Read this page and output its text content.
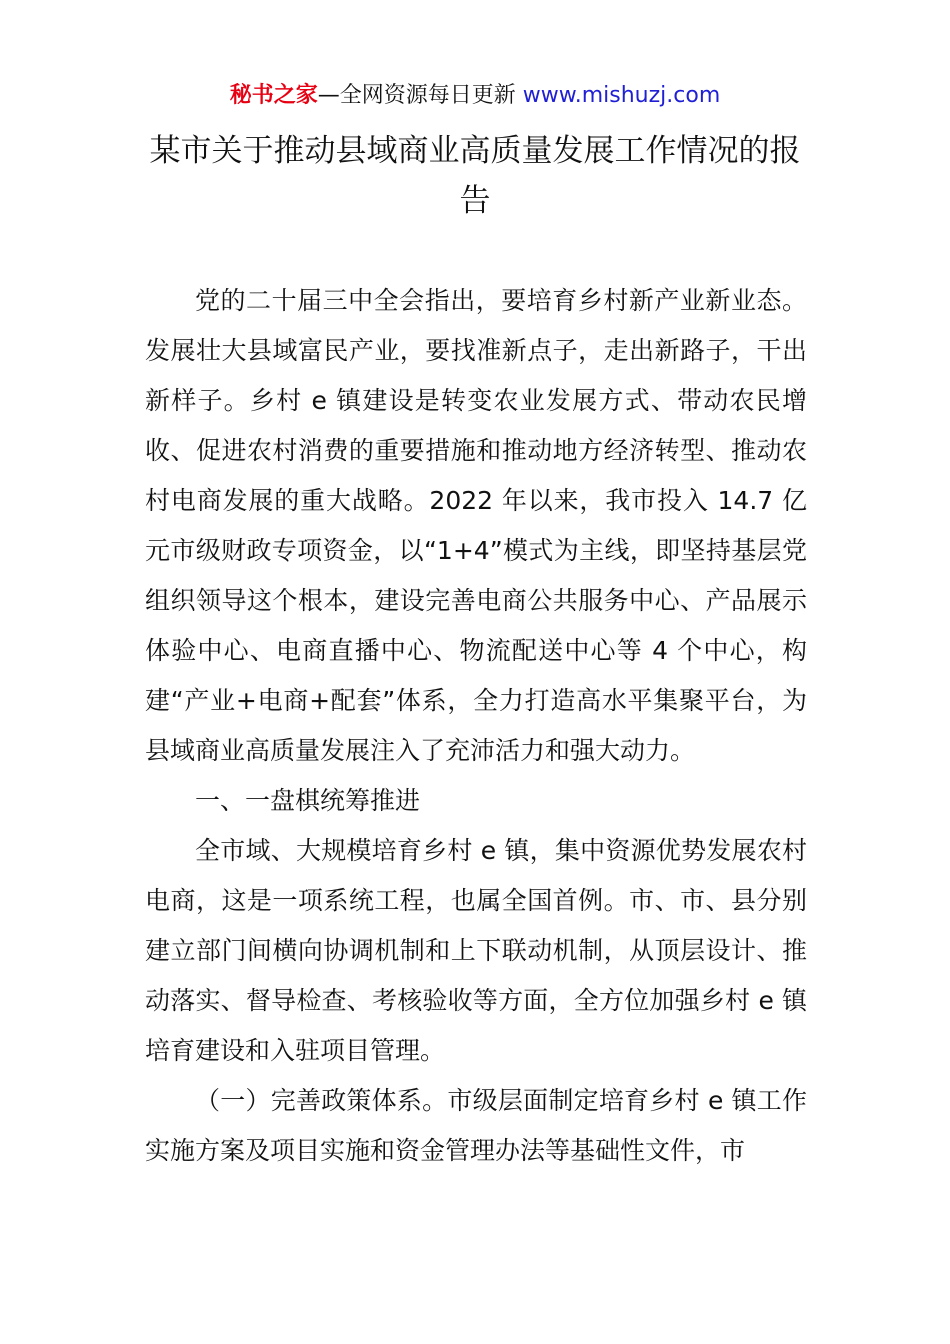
秘书之家—全网资源每日更新 www.mishuzj.com
某市关于推动县域商业高质量发展工作情况的报告

党的二十届三中全会指出，要培育乡村新产业新业态。发展壮大县域富民产业，要找准新点子，走出新路子，干出新样子。乡村 e 镇建设是转变农业发展方式、带动农民增收、促进农村消费的重要措施和推动地方经济转型、推动农村电商发展的重大战略。2022 年以来，我市投入 14.7 亿元市级财政专项资金，以“1+4”模式为主线，即坚持基层党组织领导这个根本，建设完善电商公共服务中心、产品展示体验中心、电商直播中心、物流配送中心等 4 个中心，构建“产业+电商+配套”体系，全力打造高水平集聚平台，为县域商业高质量发展注入了充沛活力和强大动力。

一、一盘棋统筹推进

全市域、大规模培育乡村 e 镇，集中资源优势发展农村电商，这是一项系统工程，也属全国首例。市、市、县分别建立部门间横向协调机制和上下联动机制，从顶层设计、推动落实、督导检查、考核验收等方面，全方位加强乡村 e 镇培育建设和入驻项目管理。

（一）完善政策体系。市级层面制定培育乡村 e 镇工作实施方案及项目实施和资金管理办法等基础性文件，市
